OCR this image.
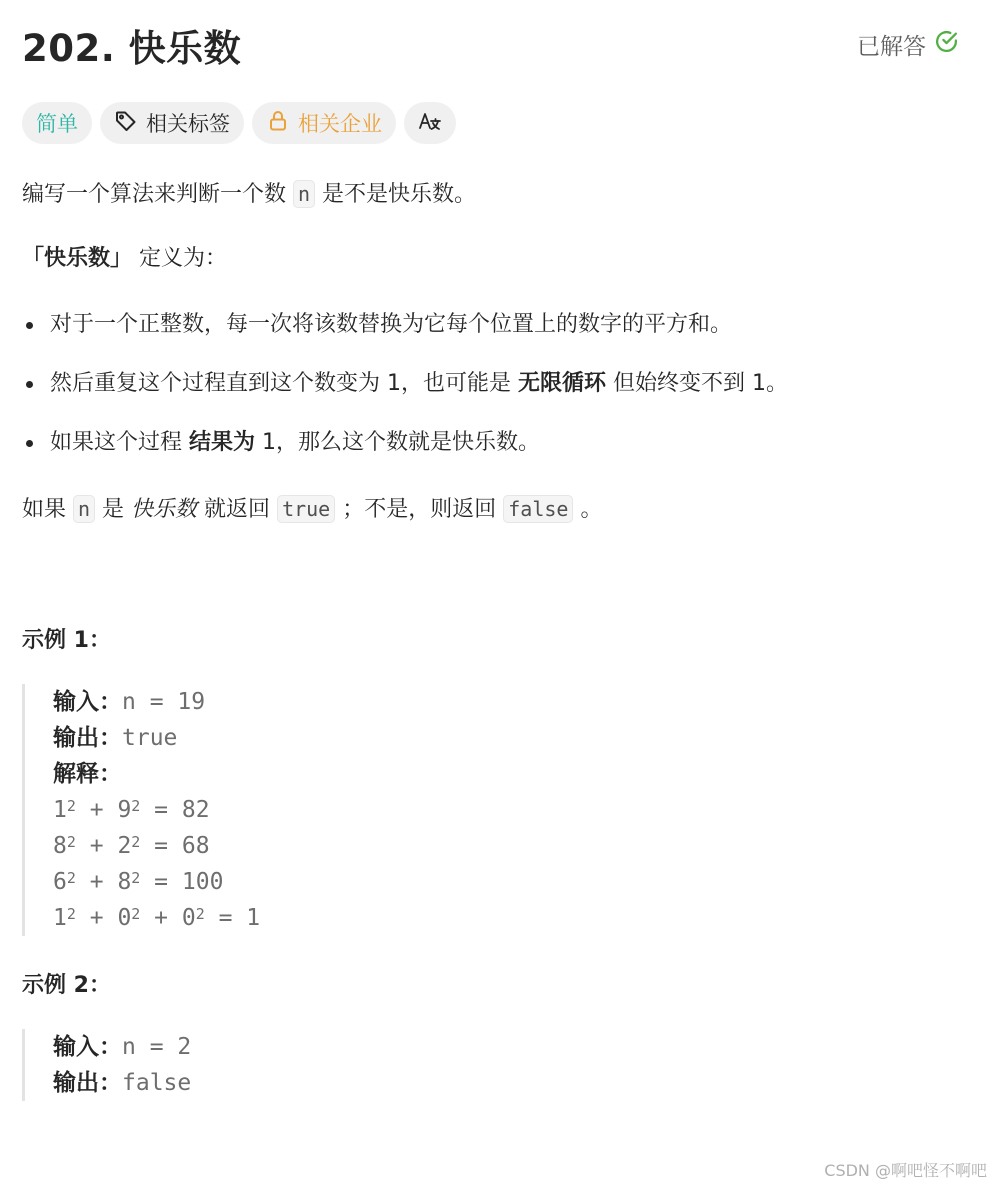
202. 快乐数	已解答
简单	相关标签	相关企业

编写一个算法来判断一个数 n 是不是快乐数。

「快乐数」 定义为：

对于一个正整数，每一次将该数替换为它每个位置上的数字的平方和。
然后重复这个过程直到这个数变为 1，也可能是 无限循环 但始终变不到 1。
如果这个过程 结果为 1，那么这个数就是快乐数。

如果 n 是 快乐数 就返回 true ；不是，则返回 false 。

示例 1：
输入：n = 19
输出：true
解释：
$1^2 + 9^2 = 82$
$8^2 + 2^2 = 68$
$6^2 + 8^2 = 100$
$1^2 + 0^2 + 0^2 = 1$
示例 2：
输入：n = 2
输出：false
CSDN @啊吧怪不啊吧
